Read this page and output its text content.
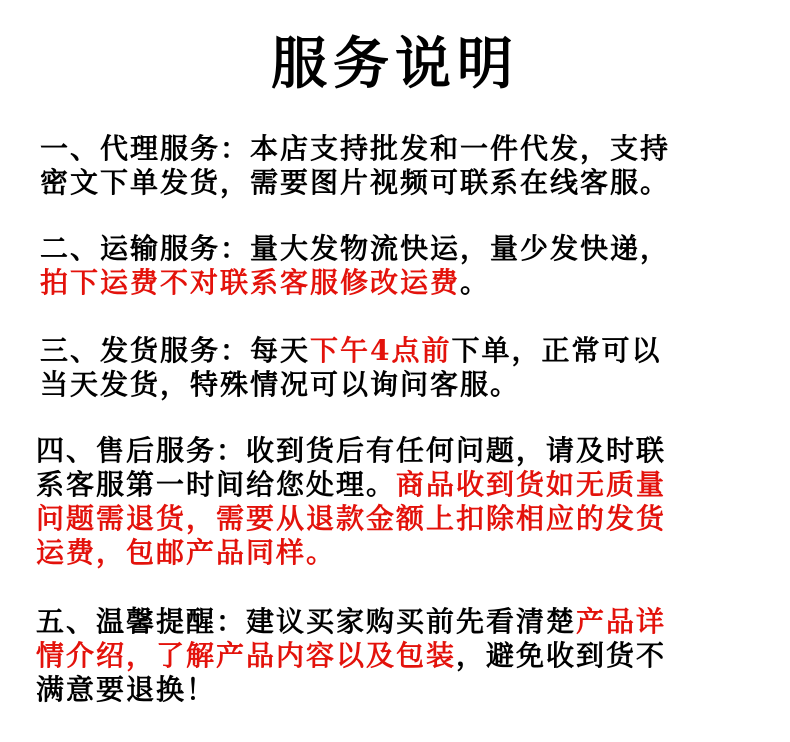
服务说明
一、代理服务：本店支持批发和一件代发，支持
密文下单发货，需要图片视频可联系在线客服。
二、运输服务：量大发物流快运，量少发快递，
拍下运费不对联系客服修改运费。
三、发货服务：每天下午4点前下单，正常可以
当天发货，特殊情况可以询问客服。
四、售后服务：收到货后有任何问题，请及时联
系客服第一时间给您处理。商品收到货如无质量
问题需退货，需要从退款金额上扣除相应的发货
运费，包邮产品同样。
五、温馨提醒：建议买家购买前先看清楚产品详
情介绍，了解产品内容以及包装，避免收到货不
满意要退换！
